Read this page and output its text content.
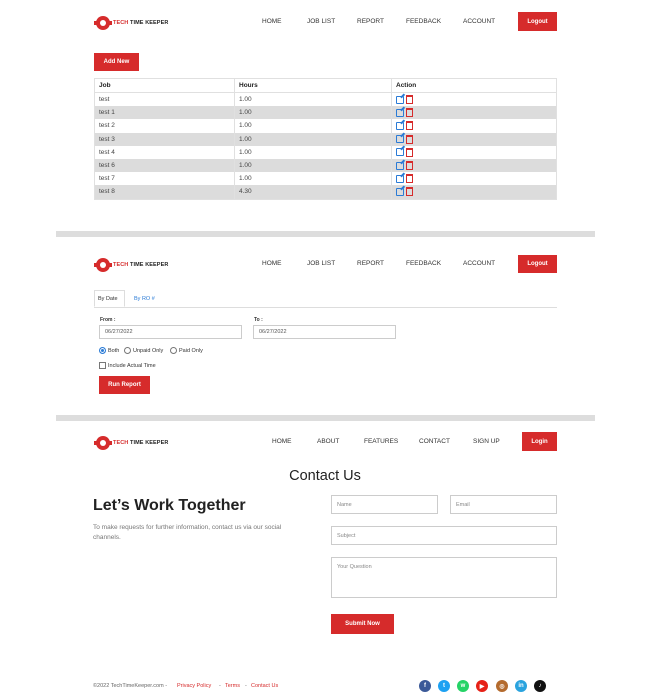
TECH TIME KEEPER	HOME	JOB LIST	REPORT	FEEDBACK	ACCOUNT	Logout
Add New
Job	Hours	Action
test	1.00	
test 1	1.00	
test 2	1.00	
test 3	1.00	
test 4	1.00	
test 6	1.00	
test 7	1.00	
test 8	4.30	
TECH TIME KEEPER	HOME	JOB LIST	REPORT	FEEDBACK	ACCOUNT	Logout
By Date	By RO #
From :	To :
06/27/2022	06/27/2022
Both	Unpaid Only	Paid Only
Include Actual Time
Run Report
TECH TIME KEEPER	HOME	ABOUT	FEATURES	CONTACT	SIGN UP	Login
Contact Us
Let’s Work Together
To make requests for further information, contact us via our social channels.
Name	Email
Subject
Your Question
Submit Now
©2022 TechTimeKeeper.com - Privacy Policy - Terms - Contact Us	f	t	w	▶	◎	in	♪
